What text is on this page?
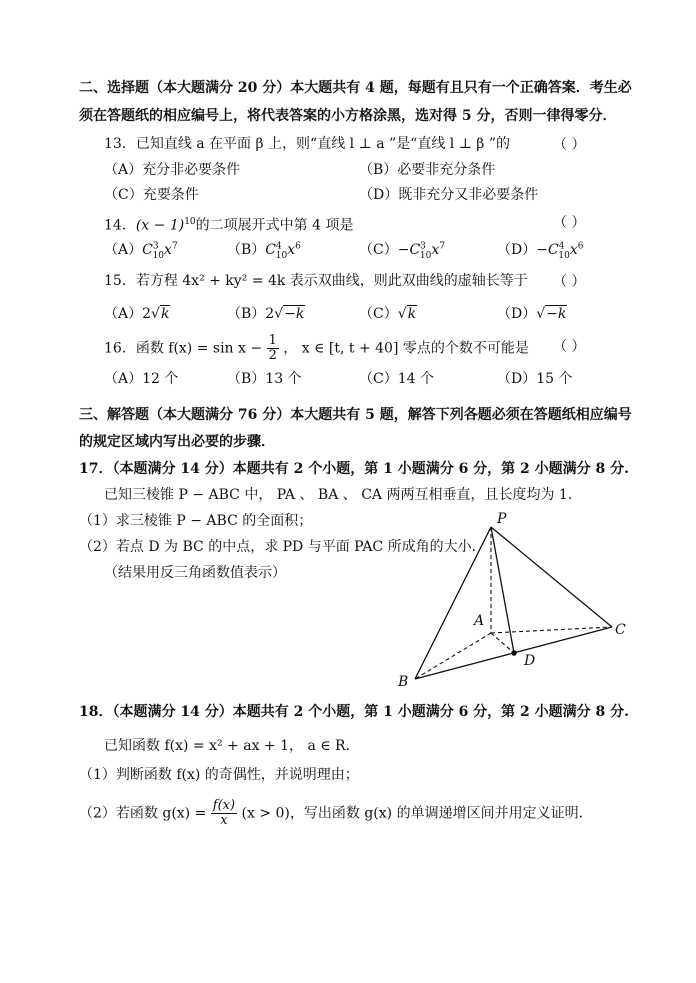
二、选择题（本大题满分 20 分）本大题共有 4 题，每题有且只有一个正确答案．考生必
须在答题纸的相应编号上，将代表答案的小方格涂黑，选对得 5 分，否则一律得零分．
13．已知直线 a 在平面 β 上，则“直线 l ⊥ a ”是“直线 l ⊥ β ”的	（ ）
（A）充分非必要条件	（B）必要非充分条件
（C）充要条件	（D）既非充分又非必要条件
14．$(x - 1)^{10}$的二项展开式中第 4 项是	（ ）
$(A)C^3_{10}x^7$	$(B)C^4_{10}x^6$	$(C)-C^3_{10}x^7$	$(D)-C^4_{10}x^6$
15．若方程 4x² + ky² = 4k 表示双曲线，则此双曲线的虚轴长等于 （ ）
（A）2√k	（B）2√−k	（C）√k	（D）√−k
16．函数 $f(x) = \sin x - \frac{1}{2}$ ， x ∈ [t, t + 40] 零点的个数不可能是 （ ）
（A）12 个	（B）13 个	（C）14 个	（D）15 个
三、解答题（本大题满分 76 分）本大题共有 5 题，解答下列各题必须在答题纸相应编号
的规定区域内写出必要的步骤．
17．（本题满分 14 分）本题共有 2 个小题，第 1 小题满分 6 分，第 2 小题满分 8 分.
已知三棱锥 P − ABC 中， PA 、 BA 、 CA 两两互相垂直，且长度均为 1．
（1）求三棱锥 P − ABC 的全面积；
（2）若点 D 为 BC 的中点，求 PD 与平面 PAC 所成角的大小．
（结果用反三角函数值表示）
P
A
B
C
D
18．（本题满分 14 分）本题共有 2 个小题，第 1 小题满分 6 分，第 2 小题满分 8 分.
已知函数 f(x) = x² + ax + 1， a ∈ R．
（1）判断函数 f(x) 的奇偶性，并说明理由；
（2）若函数 $g(x) = \frac{f(x)}{x} (x > 0)$，写出函数 g(x) 的单调递增区间并用定义证明．
